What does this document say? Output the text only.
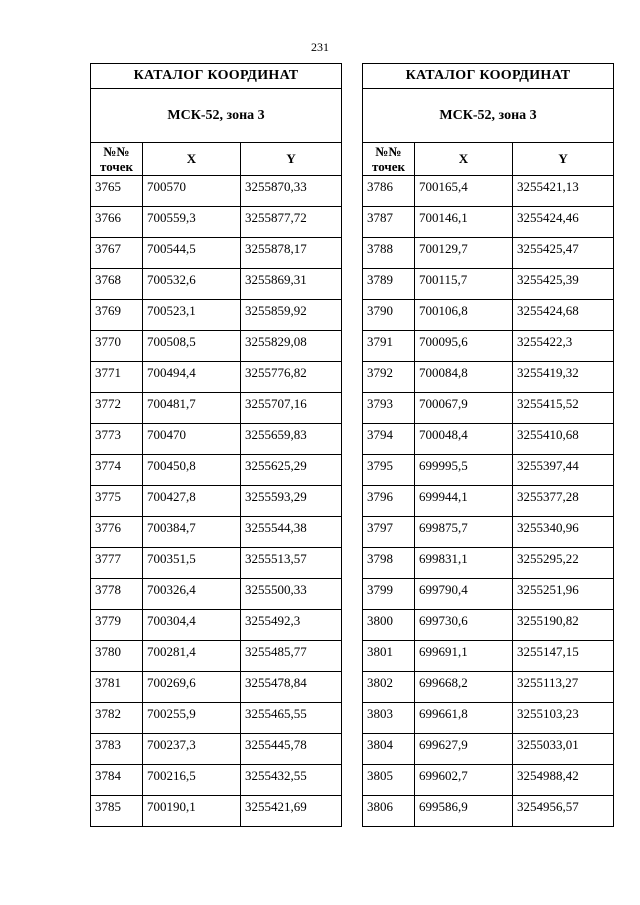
231
КАТАЛОГ КООРДИНАТ		
МСК-52, зона 3		
№№ точек	X	Y
3765	700570	3255870,33
3766	700559,3	3255877,72
3767	700544,5	3255878,17
3768	700532,6	3255869,31
3769	700523,1	3255859,92
3770	700508,5	3255829,08
3771	700494,4	3255776,82
3772	700481,7	3255707,16
3773	700470	3255659,83
3774	700450,8	3255625,29
3775	700427,8	3255593,29
3776	700384,7	3255544,38
3777	700351,5	3255513,57
3778	700326,4	3255500,33
3779	700304,4	3255492,3
3780	700281,4	3255485,77
3781	700269,6	3255478,84
3782	700255,9	3255465,55
3783	700237,3	3255445,78
3784	700216,5	3255432,55
3785	700190,1	3255421,69
КАТАЛОГ КООРДИНАТ		
МСК-52, зона 3		
№№ точек	X	Y
3786	700165,4	3255421,13
3787	700146,1	3255424,46
3788	700129,7	3255425,47
3789	700115,7	3255425,39
3790	700106,8	3255424,68
3791	700095,6	3255422,3
3792	700084,8	3255419,32
3793	700067,9	3255415,52
3794	700048,4	3255410,68
3795	699995,5	3255397,44
3796	699944,1	3255377,28
3797	699875,7	3255340,96
3798	699831,1	3255295,22
3799	699790,4	3255251,96
3800	699730,6	3255190,82
3801	699691,1	3255147,15
3802	699668,2	3255113,27
3803	699661,8	3255103,23
3804	699627,9	3255033,01
3805	699602,7	3254988,42
3806	699586,9	3254956,57
